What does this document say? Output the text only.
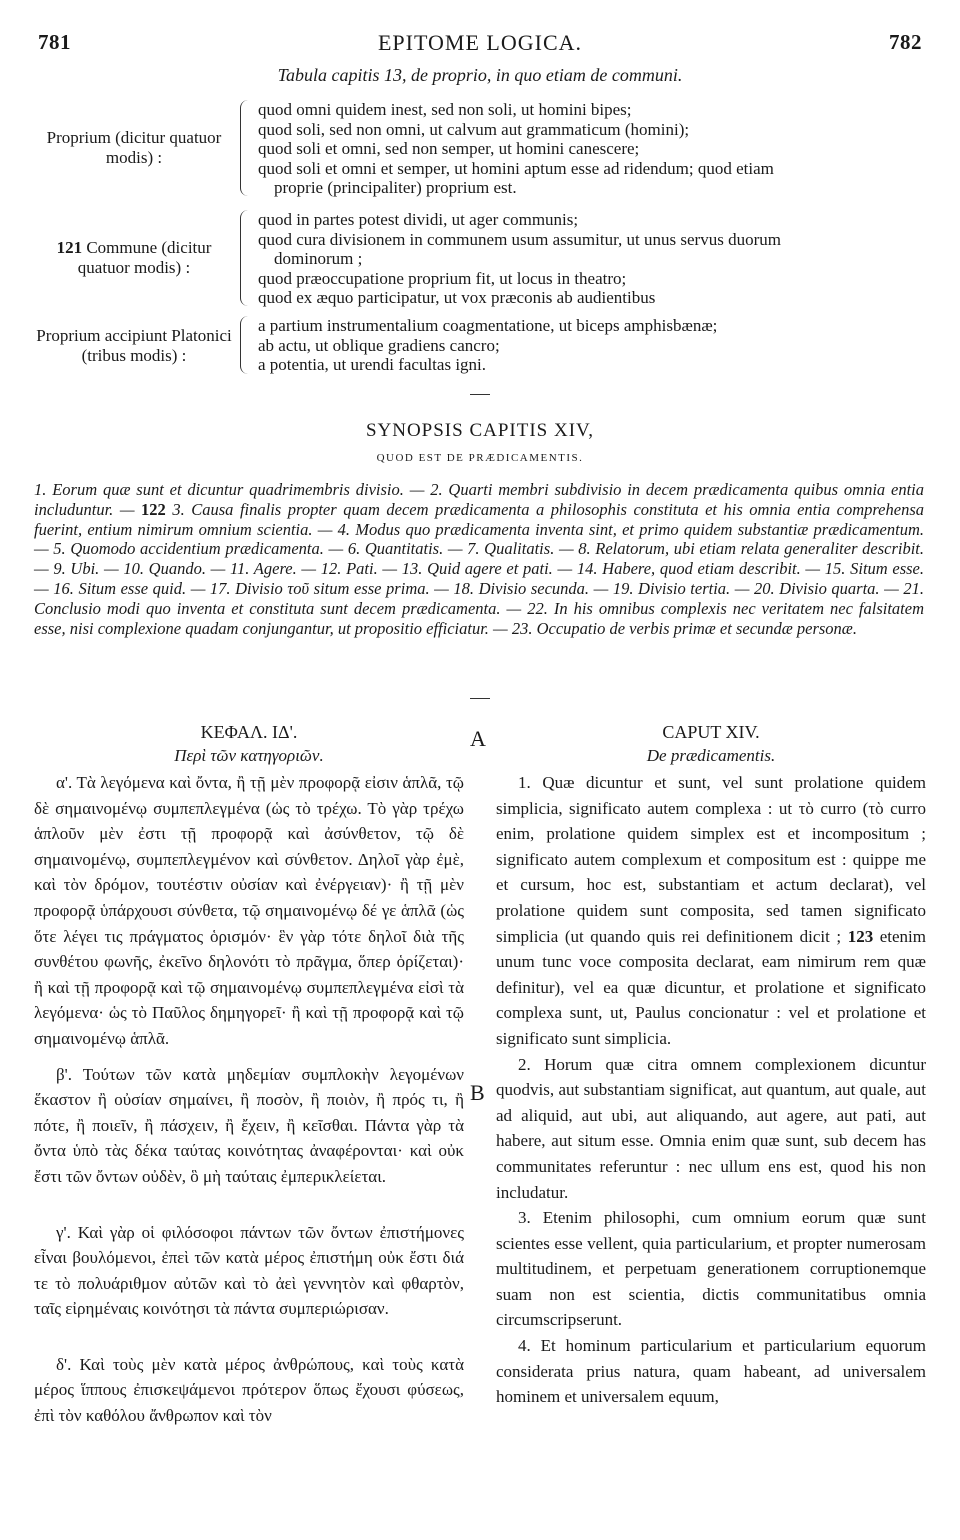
781	EPITOME LOGICA.	782
Tabula capitis 13, de proprio, in quo etiam de communi.
Proprium (dicitur quatuor modis) :
quod omni quidem inest, sed non soli, ut homini bipes;
quod soli, sed non omni, ut calvum aut grammaticum (homini);
quod soli et omni, sed non semper, ut homini canescere;
quod soli et omni et semper, ut homini aptum esse ad ridendum; quod etiam
proprie (principaliter) proprium est.
121 Commune (dicitur quatuor modis) :
quod in partes potest dividi, ut ager communis;
quod cura divisionem in communem usum assumitur, ut unus servus duorum
dominorum ;
quod præoccupatione proprium fit, ut locus in theatro;
quod ex æquo participatur, ut vox præconis ab audientibus
Proprium accipiunt Platonici (tribus modis) :
a partium instrumentalium coagmentatione, ut biceps amphisbænæ;
ab actu, ut oblique gradiens cancro;
a potentia, ut urendi facultas igni.
SYNOPSIS CAPITIS XIV,
QUOD EST DE PRÆDICAMENTIS.
1. Eorum quæ sunt et dicuntur quadrimembris divisio. — 2. Quarti membri subdivisio in decem prædicamenta quibus omnia entia includuntur. — 122 3. Causa finalis propter quam decem prædicamenta a philosophis constituta et his omnia entia comprehensa fuerint, entium nimirum omnium scientia. — 4. Modus quo prædicamenta inventa sint, et primo quidem substantiæ prædicamentum. — 5. Quomodo accidentium prædicamenta. — 6. Quantitatis. — 7. Qualitatis. — 8. Relatorum, ubi etiam relata generaliter describit. — 9. Ubi. — 10. Quando. — 11. Agere. — 12. Pati. — 13. Quid agere et pati. — 14. Habere, quod etiam describit. — 15. Situm esse. — 16. Situm esse quid. — 17. Divisio τοῦ situm esse prima. — 18. Divisio secunda. — 19. Divisio tertia. — 20. Divisio quarta. — 21. Conclusio modi quo inventa et constituta sunt decem prædicamenta. — 22. In his omnibus complexis nec veritatem nec falsitatem esse, nisi complexione quadam conjungantur, ut propositio efficiatur. — 23. Occupatio de verbis primæ et secundæ personæ.
ΚΕΦΑΛ. ΙΔ'.
Περὶ τῶν κατηγοριῶν.
α'. Τὰ λεγόμενα καὶ ὄντα, ἢ τῇ μὲν προφορᾷ εἰσιν ἁπλᾶ, τῷ δὲ σημαινομένῳ συμπεπλεγμένα (ὡς τὸ τρέχω. Τὸ γὰρ τρέχω ἁπλοῦν μὲν ἐστι τῇ προφορᾷ καὶ ἀσύνθετον, τῷ δὲ σημαινομένῳ, συμπεπλεγμένον καὶ σύνθετον. Δηλοῖ γὰρ ἐμὲ, καὶ τὸν δρόμον, τουτέστιν οὐσίαν καὶ ἐνέργειαν)· ἢ τῇ μὲν προφορᾷ ὑπάρχουσι σύνθετα, τῷ σημαινομένῳ δέ γε ἁπλᾶ (ὡς ὅτε λέγει τις πράγματος ὁρισμόν· ἓν γὰρ τότε δηλοῖ διὰ τῆς συνθέτου φωνῆς, ἐκεῖνο δηλονότι τὸ πρᾶγμα, ὅπερ ὁρίζεται)· ἢ καὶ τῇ προφορᾷ καὶ τῷ σημαινομένῳ συμπεπλεγμένα εἰσὶ τὰ λεγόμενα· ὡς τὸ Παῦλος δημηγορεῖ· ἢ καὶ τῇ προφορᾷ καὶ τῷ σημαινομένῳ ἁπλᾶ.
β'. Τούτων τῶν κατὰ μηδεμίαν συμπλοκὴν λεγομένων ἕκαστον ἢ οὐσίαν σημαίνει, ἢ ποσὸν, ἢ ποιὸν, ἢ πρός τι, ἢ πότε, ἢ ποιεῖν, ἢ πάσχειν, ἢ ἔχειν, ἢ κεῖσθαι. Πάντα γὰρ τὰ ὄντα ὑπὸ τὰς δέκα ταύτας κοινότητας ἀναφέρονται· καὶ οὐκ ἔστι τῶν ὄντων οὐδὲν, ὃ μὴ ταύταις ἐμπερικλείεται.
γ'. Καὶ γὰρ οἱ φιλόσοφοι πάντων τῶν ὄντων ἐπιστήμονες εἶναι βουλόμενοι, ἐπεὶ τῶν κατὰ μέρος ἐπιστήμη οὐκ ἔστι διά τε τὸ πολυάριθμον αὐτῶν καὶ τὸ ἀεὶ γεννητὸν καὶ φθαρτὸν, ταῖς εἰρημέναις κοινότησι τὰ πάντα συμπεριώρισαν.
δ'. Καὶ τοὺς μὲν κατὰ μέρος ἀνθρώπους, καὶ τοὺς κατὰ μέρος ἵππους ἐπισκεψάμενοι πρότερον ὅπως ἔχουσι φύσεως, ἐπὶ τὸν καθόλου ἄνθρωπον καὶ τὸν
A
B
CAPUT XIV.
De prædicamentis.
1. Quæ dicuntur et sunt, vel sunt prolatione quidem simplicia, significato autem complexa : ut τὸ curro (τὸ curro enim, prolatione quidem simplex est et incompositum ; significato autem complexum et compositum est : quippe me et cursum, hoc est, substantiam et actum declarat), vel prolatione quidem sunt composita, sed tamen significato simplicia (ut quando quis rei definitionem dicit ; 123 etenim unum tunc voce composita declarat, eam nimirum rem quæ definitur), vel ea quæ dicuntur, et prolatione et significato complexa sunt, ut, Paulus concionatur : vel et prolatione et significato sunt simplicia.
2. Horum quæ citra omnem complexionem dicuntur quodvis, aut substantiam significat, aut quantum, aut quale, aut ad aliquid, aut ubi, aut aliquando, aut agere, aut pati, aut habere, aut situm esse. Omnia enim quæ sunt, sub decem has communitates referuntur : nec ullum ens est, quod his non includatur.
3. Etenim philosophi, cum omnium eorum quæ sunt scientes esse vellent, quia particularium, et propter numerosam multitudinem, et perpetuam generationem corruptionemque suam non est scientia, dictis communitatibus omnia circumscripserunt.
4. Et hominum particularium et particularium equorum considerata prius natura, quam habeant, ad universalem hominem et universalem equum,
